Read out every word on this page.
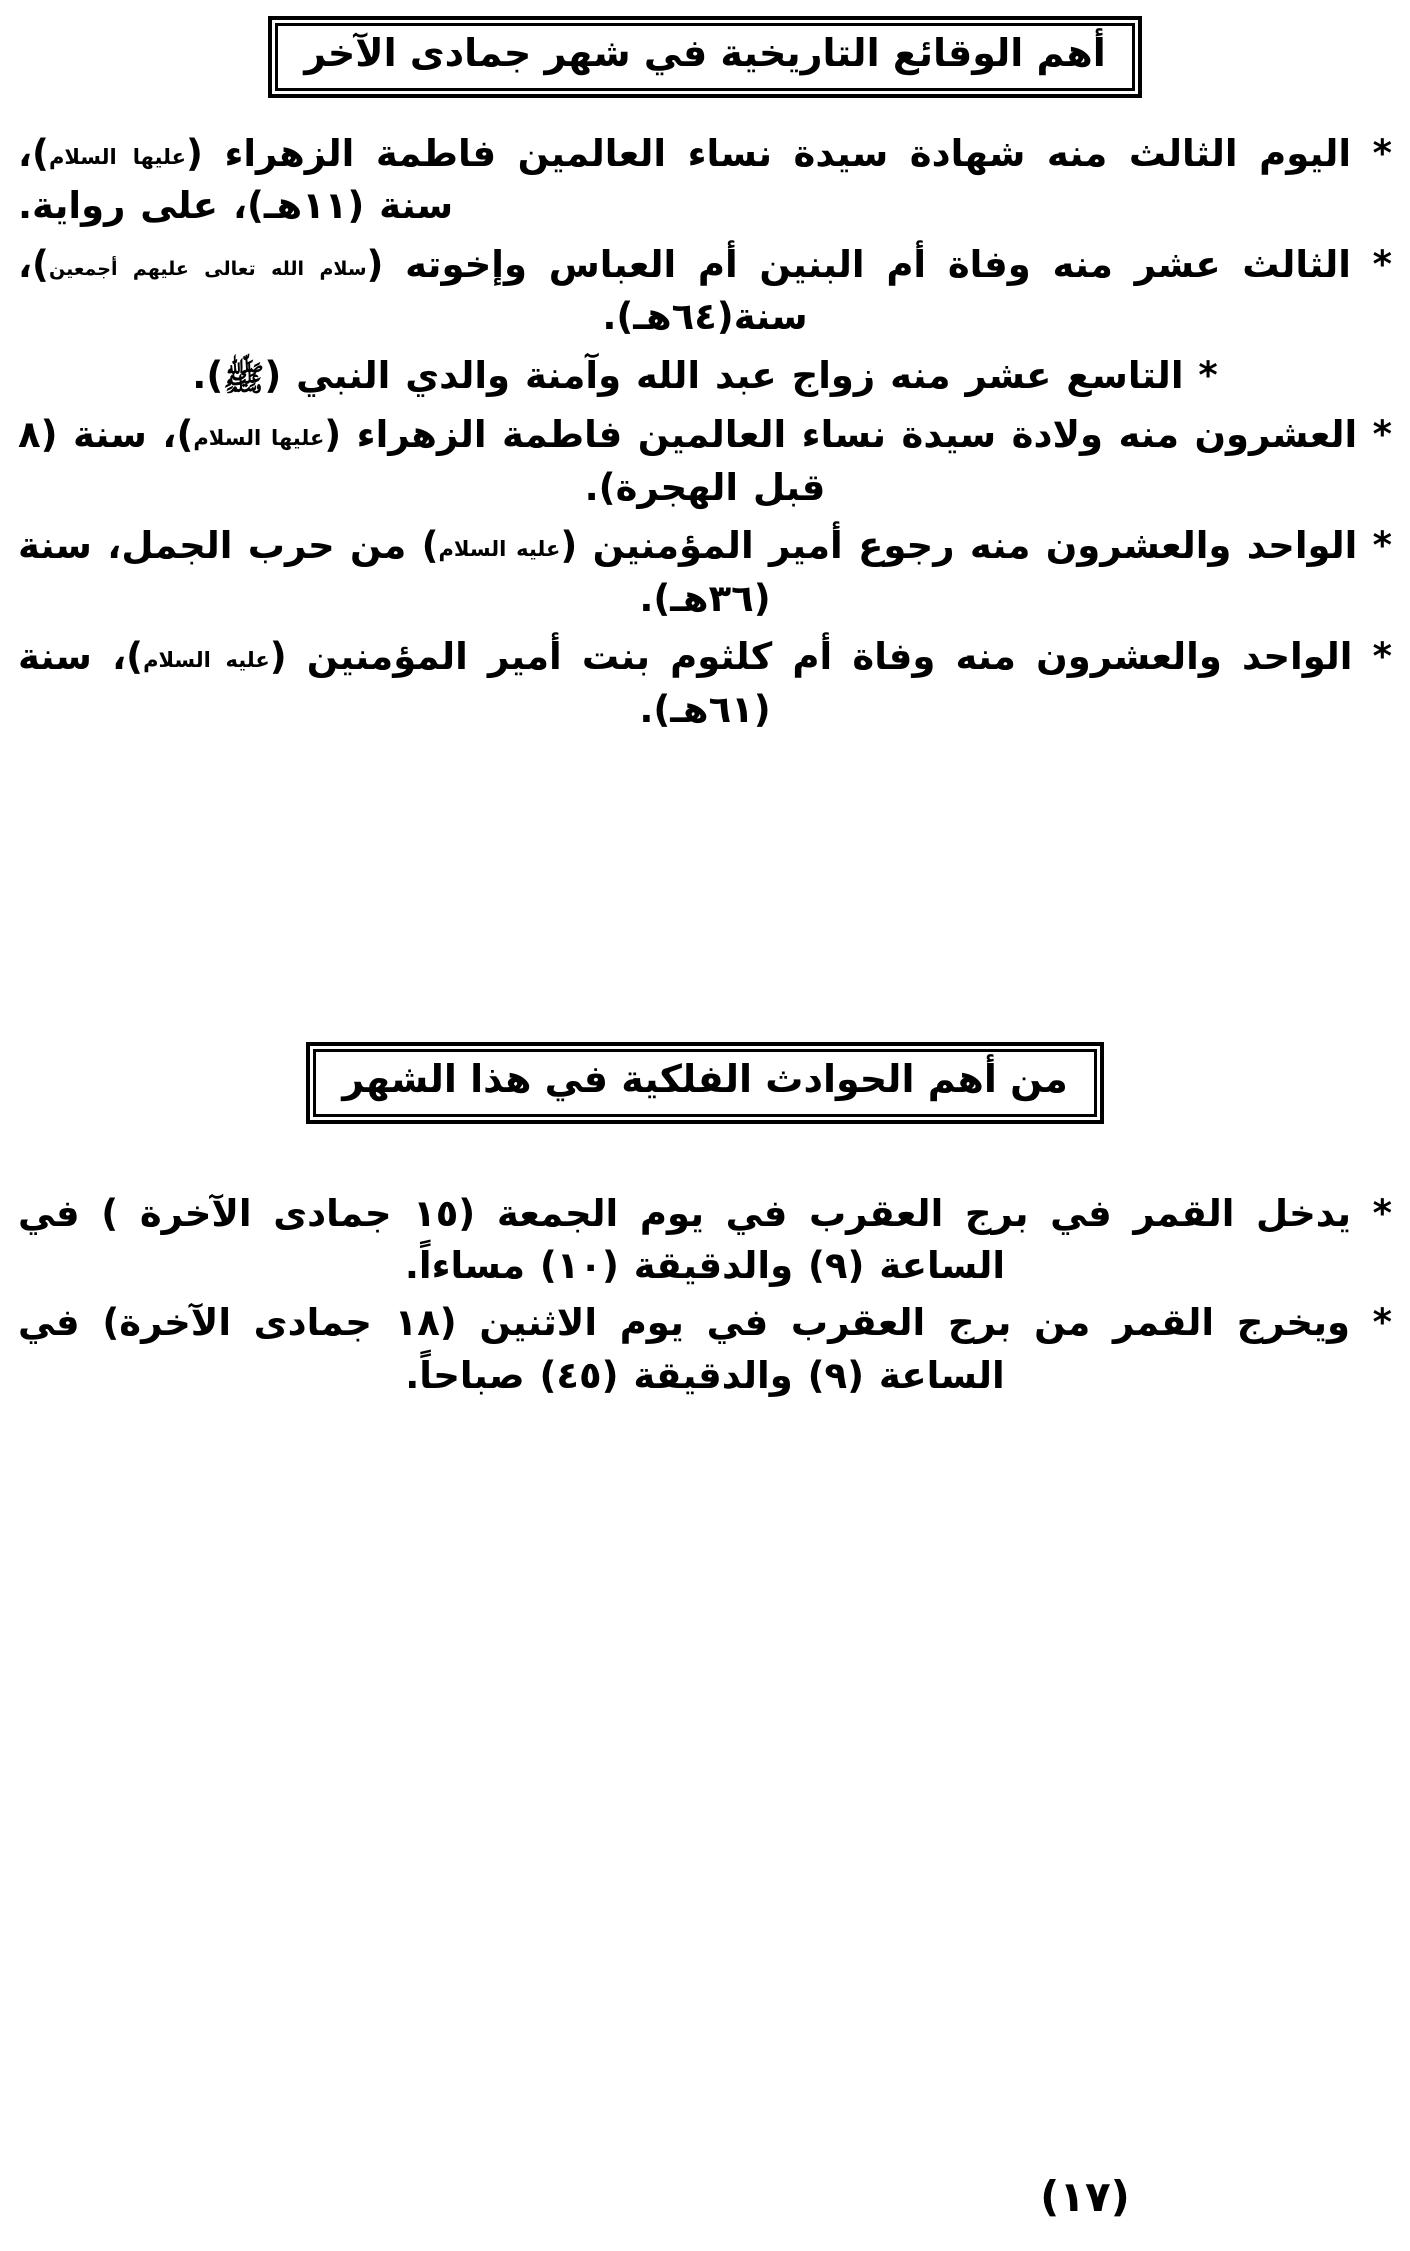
أهم الوقائع التاريخية في شهر جمادى الآخر

* اليوم الثالث منه شهادة سيدة نساء العالمين فاطمة الزهراء (عليها السلام)، سنة (١١هـ)، على رواية.

* الثالث عشر منه وفاة أم البنين أم العباس وإخوته (سلام الله تعالى عليهم أجمعين)، سنة(٦٤هـ).

* التاسع عشر منه زواج عبد الله وآمنة والدي النبي (ﷺ).

* العشرون منه ولادة سيدة نساء العالمين فاطمة الزهراء (عليها السلام)، سنة (٨ قبل الهجرة).

* الواحد والعشرون منه رجوع أمير المؤمنين (عليه السلام) من حرب الجمل، سنة (٣٦هـ).

* الواحد والعشرون منه وفاة أم كلثوم بنت أمير المؤمنين (عليه السلام)، سنة (٦١هـ).

من أهم الحوادث الفلكية في هذا الشهر

* يدخل القمر في برج العقرب في يوم الجمعة (١٥ جمادى الآخرة ) في الساعة (٩) والدقيقة (١٠) مساءاً.

* ويخرج القمر من برج العقرب في يوم الاثنين (١٨ جمادى الآخرة) في الساعة (٩) والدقيقة (٤٥) صباحاً.

(١٧)
